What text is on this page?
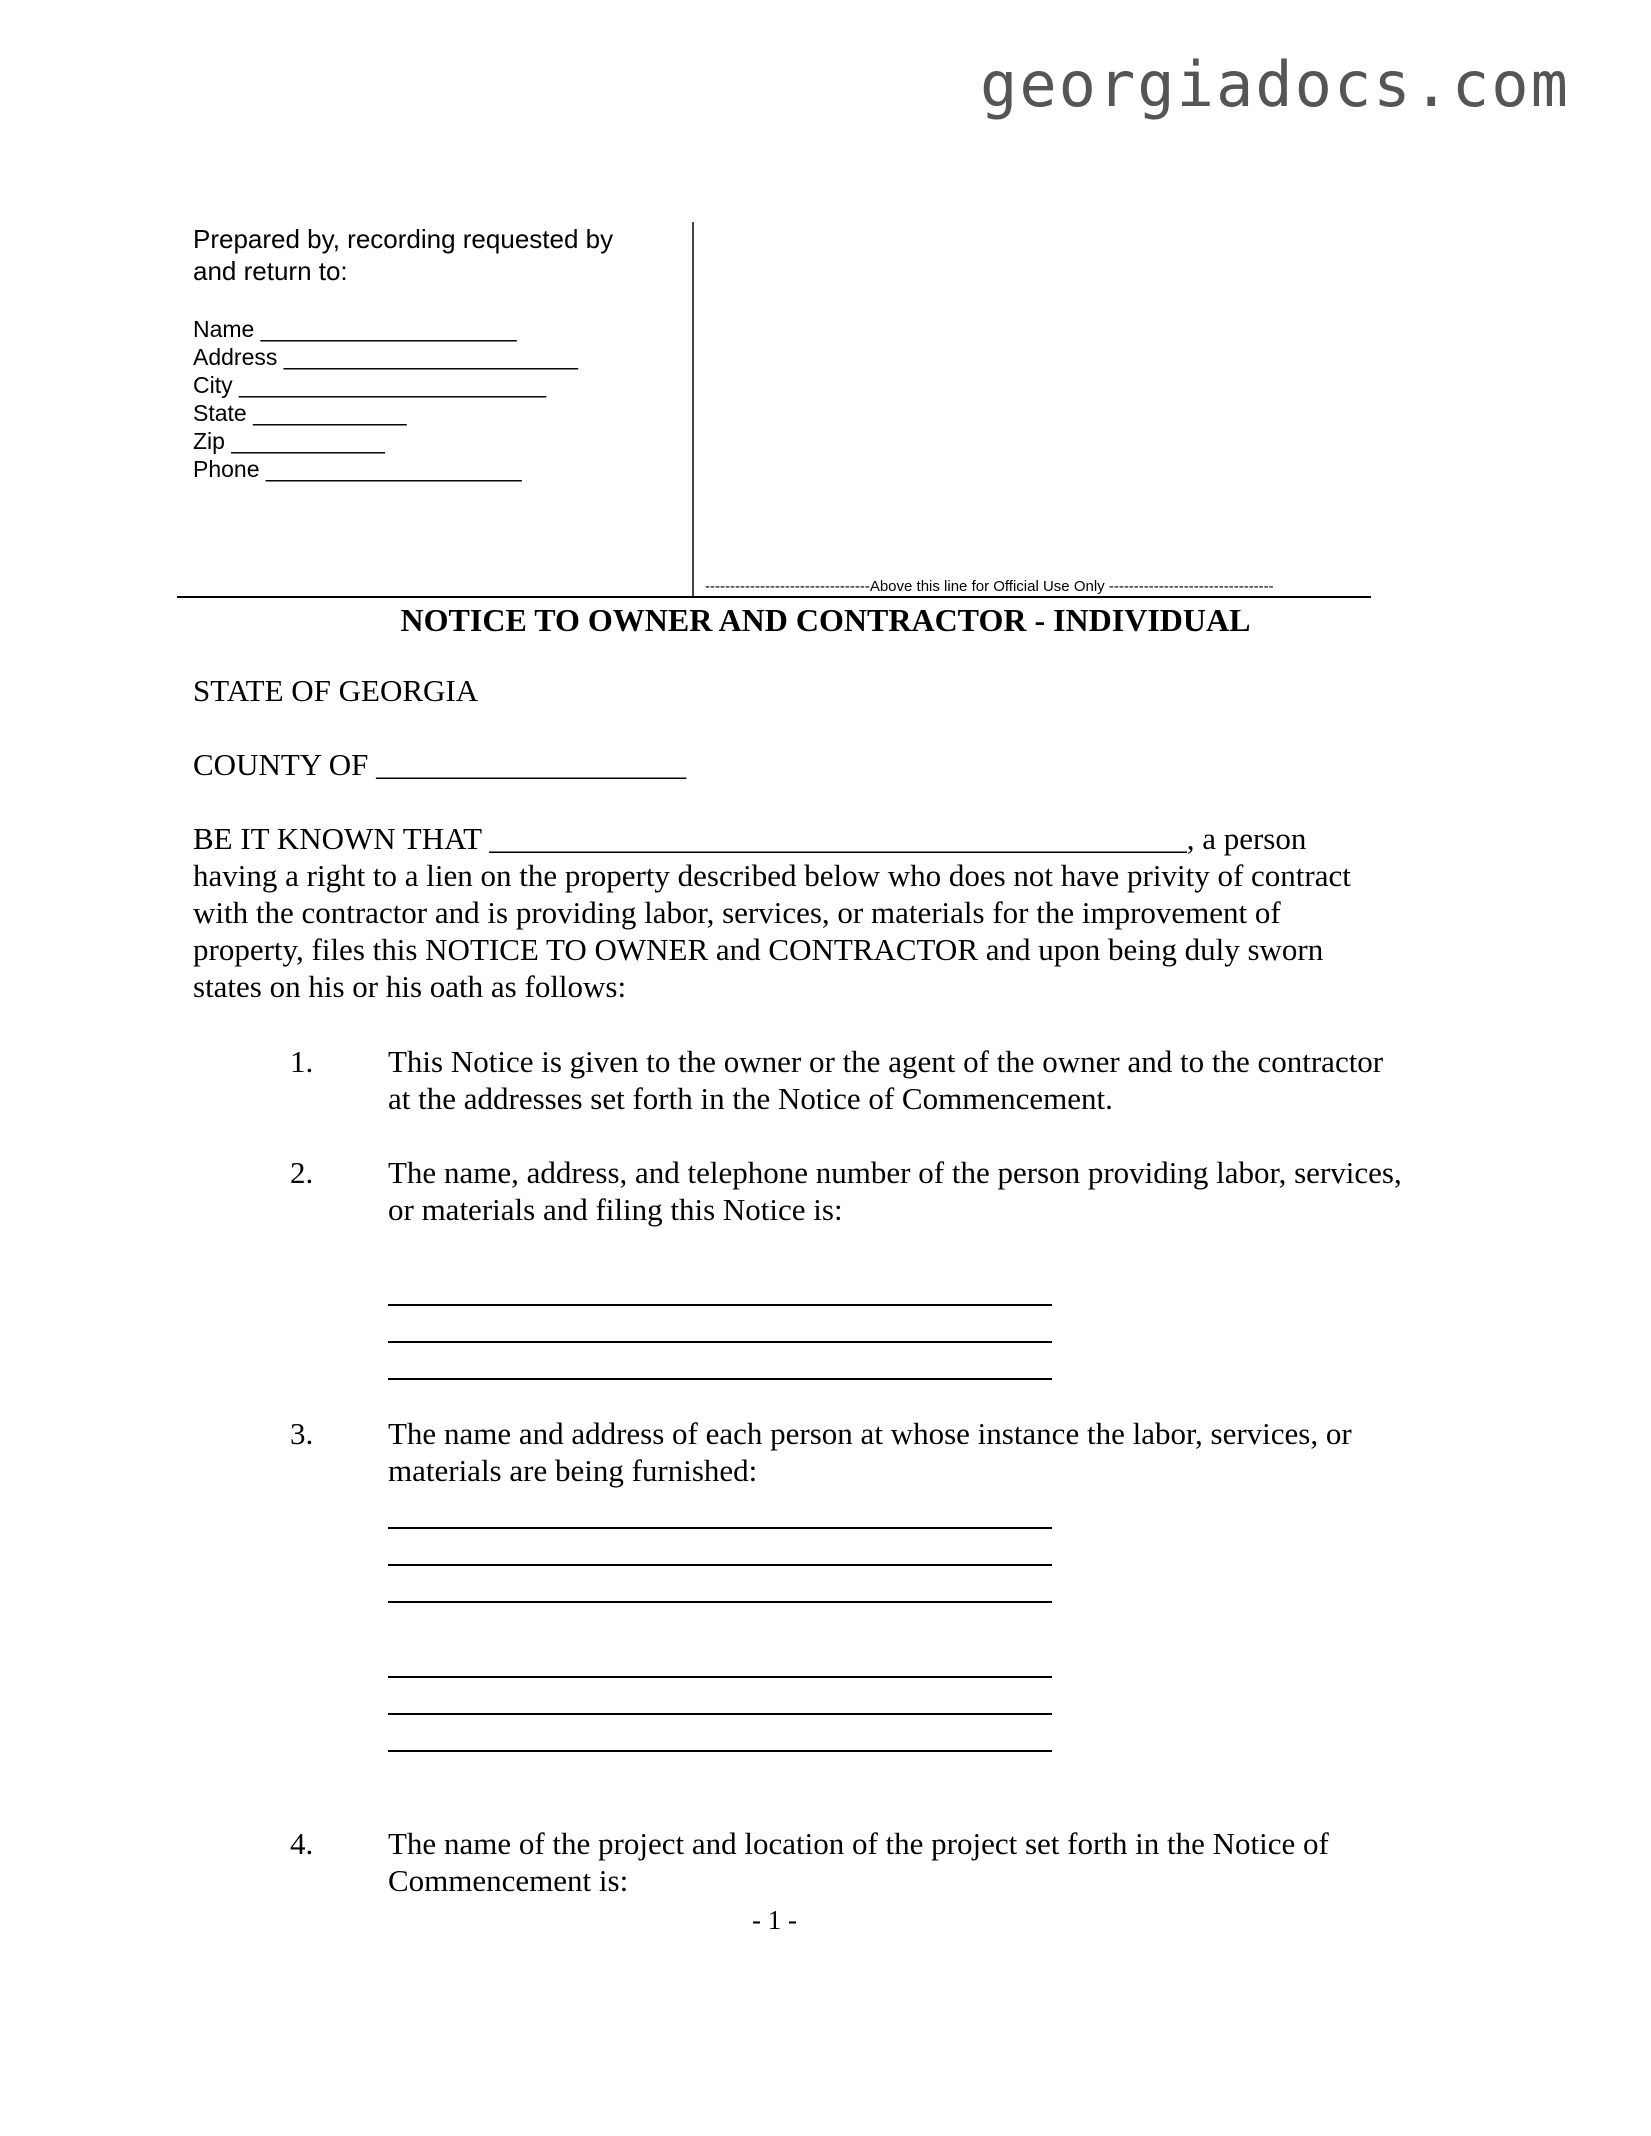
georgiadocs.com
Prepared by, recording requested by
and return to:
Name ____________________
Address _______________________
City ________________________
State ____________
Zip ____________
Phone ____________________
---------------------------------Above this line for Official Use Only ---------------------------------
NOTICE TO OWNER AND CONTRACTOR - INDIVIDUAL
STATE OF GEORGIA
COUNTY OF ____________________
BE IT KNOWN THAT _____________________________________________, a person
having a right to a lien on the property described below who does not have privity of contract
with the contractor and is providing labor, services, or materials for the improvement of
property, files this NOTICE TO OWNER and CONTRACTOR and upon being duly sworn
states on his or his oath as follows:
1. This Notice is given to the owner or the agent of the owner and to the contractor
at the addresses set forth in the Notice of Commencement.
2. The name, address, and telephone number of the person providing labor, services,
or materials and filing this Notice is:
3. The name and address of each person at whose instance the labor, services, or
materials are being furnished:
4. The name of the project and location of the project set forth in the Notice of
Commencement is:
- 1 -
